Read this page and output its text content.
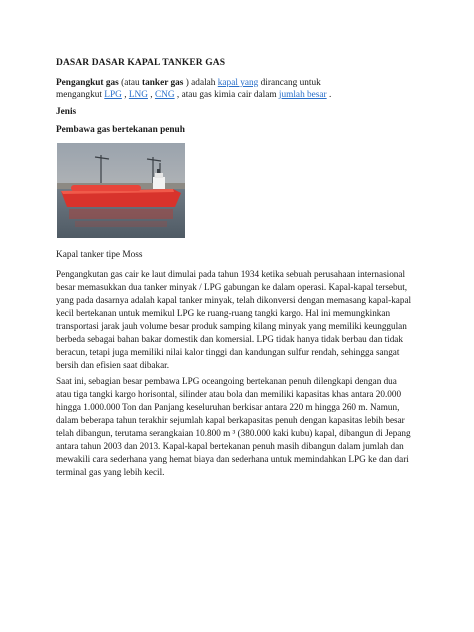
DASAR DASAR KAPAL TANKER GAS

Pengangkut gas (atau tanker gas ) adalah kapal yang dirancang untuk

mengangkut LPG , LNG , CNG , atau gas kimia cair dalam jumlah besar .

Jenis

Pembawa gas bertekanan penuh

Kapal tanker tipe Moss

Pengangkutan gas cair ke laut dimulai pada tahun 1934 ketika sebuah perusahaan internasional
besar memasukkan dua tanker minyak / LPG gabungan ke dalam operasi. Kapal-kapal tersebut,
yang pada dasarnya adalah kapal tanker minyak, telah dikonversi dengan memasang kapal-kapal
kecil bertekanan untuk memikul LPG ke ruang-ruang tangki kargo. Hal ini memungkinkan
transportasi jarak jauh volume besar produk samping kilang minyak yang memiliki keunggulan
berbeda sebagai bahan bakar domestik dan komersial. LPG tidak hanya tidak berbau dan tidak
beracun, tetapi juga memiliki nilai kalor tinggi dan kandungan sulfur rendah, sehingga sangat
bersih dan efisien saat dibakar.
Saat ini, sebagian besar pembawa LPG oceangoing bertekanan penuh dilengkapi dengan dua
atau tiga tangki kargo horisontal, silinder atau bola dan memiliki kapasitas khas antara 20.000
hingga 1.000.000 Ton dan Panjang keseluruhan berkisar antara 220 m hingga 260 m. Namun,
dalam beberapa tahun terakhir sejumlah kapal berkapasitas penuh dengan kapasitas lebih besar
telah dibangun, terutama serangkaian 10.800 m ³ (380.000 kaki kubu) kapal, dibangun di Jepang
antara tahun 2003 dan 2013. Kapal-kapal bertekanan penuh masih dibangun dalam jumlah dan
mewakili cara sederhana yang hemat biaya dan sederhana untuk memindahkan LPG ke dan dari
terminal gas yang lebih kecil.
